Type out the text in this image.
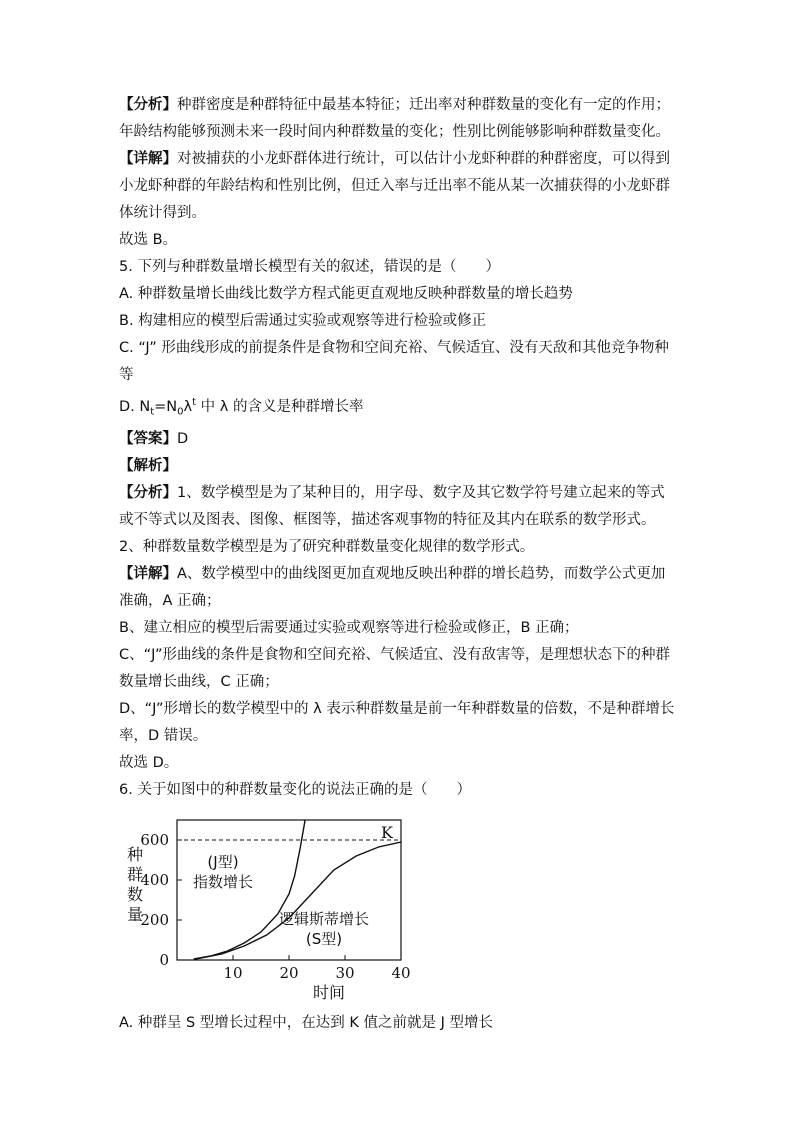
【分析】种群密度是种群特征中最基本特征；迁出率对种群数量的变化有一定的作用；年龄结构能够预测未来一段时间内种群数量的变化；性别比例能够影响种群数量变化。
【详解】对被捕获的小龙虾群体进行统计，可以估计小龙虾种群的种群密度，可以得到小龙虾种群的年龄结构和性别比例，但迁入率与迁出率不能从某一次捕获得的小龙虾群体统计得到。
故选 B。
5. 下列与种群数量增长模型有关的叙述，错误的是（　　）
A. 种群数量增长曲线比数学方程式能更直观地反映种群数量的增长趋势
B. 构建相应的模型后需通过实验或观察等进行检验或修正
C. “J” 形曲线形成的前提条件是食物和空间充裕、气候适宜、没有天敌和其他竞争物种等
D. $N_t=N_0\lambda^t$ 中 λ 的含义是种群增长率
【答案】D
【解析】
【分析】1、数学模型是为了某种目的，用字母、数字及其它数学符号建立起来的等式或不等式以及图表、图像、框图等，描述客观事物的特征及其内在联系的数学形式。2、种群数量数学模型是为了研究种群数量变化规律的数学形式。
【详解】A、数学模型中的曲线图更加直观地反映出种群的增长趋势，而数学公式更加准确，A 正确；
B、建立相应的模型后需要通过实验或观察等进行检验或修正，B 正确；
C、“J”形曲线的条件是食物和空间充裕、气候适宜、没有敌害等，是理想状态下的种群数量增长曲线，C 正确；
D、“J”形增长的数学模型中的 λ 表示种群数量是前一年种群数量的倍数，不是种群增长率，D 错误。
故选 D。
6. 关于如图中的种群数量变化的说法正确的是（　　）
0
200
400
600
10 20 30 40
K
(J型)
指数增长
逻辑斯蒂增长
(S型)
种
群
数
量
时间
A. 种群呈 S 型增长过程中，在达到 K 值之前就是 J 型增长
